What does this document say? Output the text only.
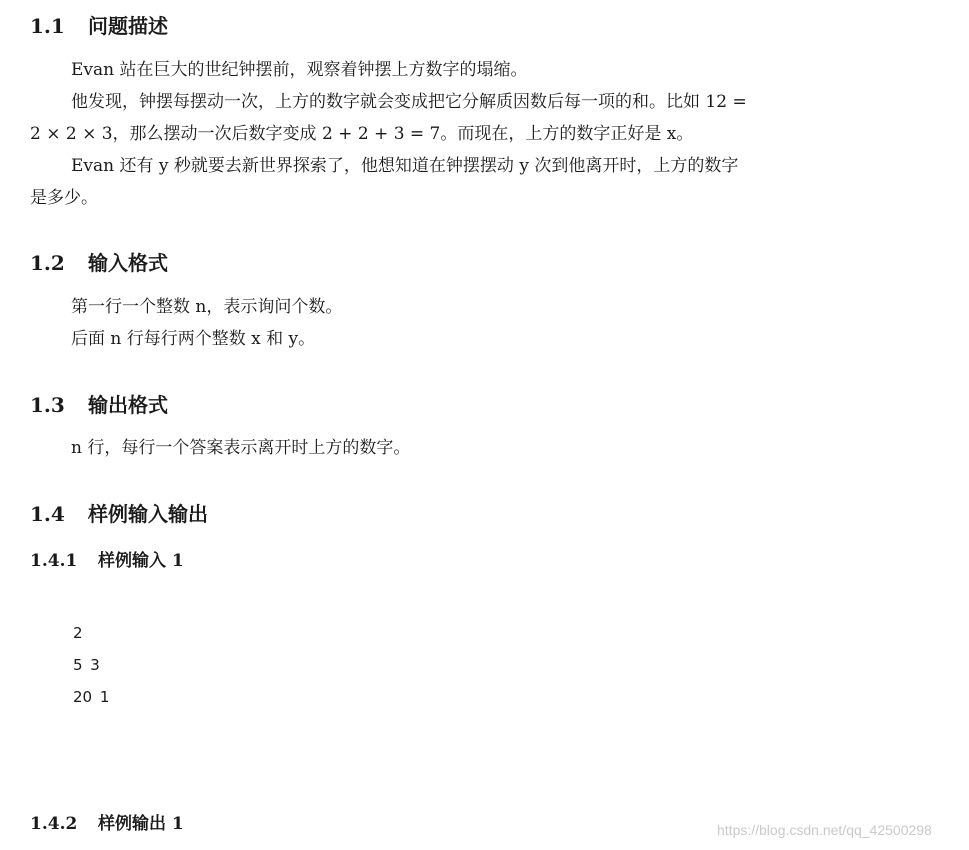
1.1 问题描述
Evan 站在巨大的世纪钟摆前，观察着钟摆上方数字的塌缩。
他发现，钟摆每摆动一次，上方的数字就会变成把它分解质因数后每一项的和。比如 12 =
2 × 2 × 3，那么摆动一次后数字变成 2 + 2 + 3 = 7。而现在，上方的数字正好是 x。
Evan 还有 y 秒就要去新世界探索了，他想知道在钟摆摆动 y 次到他离开时，上方的数字
是多少。
1.2 输入格式
第一行一个整数 n，表示询问个数。
后面 n 行每行两个整数 x 和 y。
1.3 输出格式
n 行，每行一个答案表示离开时上方的数字。
1.4 样例输入输出
1.4.1 样例输入 1
2
5 3
20 1
1.4.2 样例输出 1	https://blog.csdn.net/qq_42500298
